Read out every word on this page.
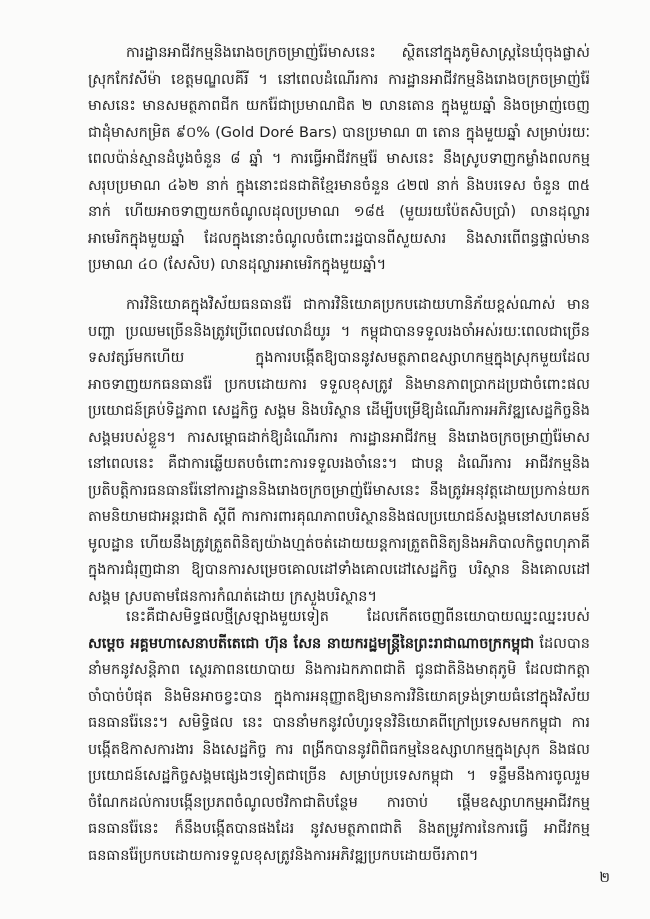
ការដ្ឋានអាជីវកម្មនិងរោងចក្រចម្រាញ់រ៉ែមាសនេះ ស្ថិតនៅក្នុងភូមិសាស្ត្រនៃឃុំចុងផ្លាស់ ស្រុកកែវសីម៉ា ខេត្តមណ្ឌលគីរី ។ នៅពេលដំណើរការ ការដ្ឋានអាជីវកម្មនិងរោងចក្រចម្រាញ់រ៉ែមាសនេះ មានសមត្ថភាពជីក យករ៉ែជាប្រមាណជិត ២ លានតោន ក្នុងមួយឆ្នាំ និងចម្រាញ់ចេញជាដុំមាសកម្រិត ៩០% (Gold Doré Bars) បានប្រមាណ ៣ តោន ក្នុងមួយឆ្នាំ សម្រាប់រយៈពេលប៉ាន់ស្មានដំបូងចំនួន ៨ ឆ្នាំ ។ ការធ្វើអាជីវកម្មរ៉ែ មាសនេះ នឹងស្រូបទាញកម្លាំងពលកម្មសរុបប្រមាណ ៤៦២ នាក់ ក្នុងនោះជនជាតិខ្មែរមានចំនួន ៤២៧ នាក់ និងបរទេស ចំនួន ៣៥ នាក់ ហើយអាចទាញយកចំណូលដុលប្រមាណ ១៨៥ (មួយរយប៉ែតសិបប្រាំ) លានដុល្លារអាមេរិកក្នុងមួយឆ្នាំ ដែលក្នុងនោះចំណូលចំពោះរដ្ឋបានពីសួយសារ និងសារពើពន្ធផ្ទាល់មានប្រមាណ ៤០ (សែសិប) លានដុល្លារអាមេរិកក្នុងមួយឆ្នាំ។

ការវិនិយោគក្នុងវិស័យធនធានរ៉ែ ជាការវិនិយោគប្រកបដោយហានិភ័យខ្ពស់ណាស់ មានបញ្ហា ប្រឈមច្រើននិងត្រូវប្រើពេលវេលាដ៏យូរ ។ កម្ពុជាបានទទួលរងចាំអស់រយៈពេលជាច្រើនទសវត្សរ៍មកហើយ ក្នុងការបង្កើតឱ្យបាននូវសមត្ថភាពឧស្សាហកម្មក្នុងស្រុកមួយដែលអាចទាញយកធនធានរ៉ែ ប្រកបដោយការ ទទួលខុសត្រូវ និងមានភាពប្រាកដប្រជាចំពោះផលប្រយោជន៍គ្រប់ទិដ្ឋភាព សេដ្ឋកិច្ច សង្គម និងបរិស្ថាន ដើម្បីបម្រើឱ្យដំណើរការអភិវឌ្ឍសេដ្ឋកិច្ចនិងសង្គមរបស់ខ្លួន។ ការសម្ពោធដាក់ឱ្យដំណើរការ ការដ្ឋានអាជីវកម្ម និងរោងចក្រចម្រាញ់រ៉ែមាសនៅពេលនេះ គឺជាការឆ្លើយតបចំពោះការទទួលរងចាំនេះ។ ជាបន្ត ដំណើរការ អាជីវកម្មនិងប្រតិបត្តិការធនធានរ៉ែនៅការដ្ឋាននិងរោងចក្រចម្រាញ់រ៉ែមាសនេះ នឹងត្រូវអនុវត្តដោយប្រកាន់យក តាមនិយាមជាអន្តរជាតិ ស្ដីពី ការការពារគុណភាពបរិស្ថាននិងផលប្រយោជន៍សង្គមនៅសហគមន៍មូលដ្ឋាន ហើយនឹងត្រូវត្រួតពិនិត្យយ៉ាងហ្មត់ចត់ដោយយន្តការត្រួតពិនិត្យនិងអភិបាលកិច្ចពហុភាគី ក្នុងការជំរុញជានា ឱ្យបានការសម្រេចគោលដៅទាំងគោលដៅសេដ្ឋកិច្ច បរិស្ថាន និងគោលដៅសង្គម ស្របតាមផែនការកំណត់ដោយ ក្រសួងបរិស្ថាន។

នេះគឺជាសមិទ្ធផលថ្មីស្រឡាងមួយទៀត ដែលកើតចេញពីនយោបាយឈ្នះឈ្នះរបស់ សម្ដេច អគ្គមហាសេនាបតីតេជោ ហ៊ុន សែន នាយករដ្ឋមន្ត្រីនៃព្រះរាជាណាចក្រកម្ពុជា ដែលបាន នាំមកនូវសន្តិភាព ស្ថេរភាពនយោបាយ និងការឯកភាពជាតិ ជូនជាតិនិងមាតុភូមិ ដែលជាកត្តាចាំបាច់បំផុត និងមិនអាចខ្វះបាន ក្នុងការអនុញ្ញាតឱ្យមានការវិនិយោគទ្រង់ទ្រាយធំនៅក្នុងវិស័យធនធានរ៉ែនេះ។ សមិទ្ធិផល នេះ បាននាំមកនូវលំហូរទុនវិនិយោគពីក្រៅប្រទេសមកកម្ពុជា ការបង្កើតឱកាសការងារ និងសេដ្ឋកិច្ច ការ ពង្រីកបាននូវពិពិធកម្មនៃឧស្សាហកម្មក្នុងស្រុក និងផលប្រយោជន៍សេដ្ឋកិច្ចសង្គមផ្សេងៗទៀតជាច្រើន សម្រាប់ប្រទេសកម្ពុជា ។ ទន្ទឹមនឹងការចូលរួមចំណែកដល់ការបង្កើនប្រភពចំណូលថវិកាជាតិបន្ថែម ការចាប់ ផ្ដើមឧស្សាហកម្មអាជីវកម្មធនធានរ៉ែនេះ ក៏នឹងបង្កើតបានផងដែរ នូវសមត្ថភាពជាតិ និងតម្រូវការនៃការធ្វើ អាជីវកម្មធនធានរ៉ែប្រកបដោយការទទួលខុសត្រូវនិងការអភិវឌ្ឍប្រកបដោយចីរភាព។

២
